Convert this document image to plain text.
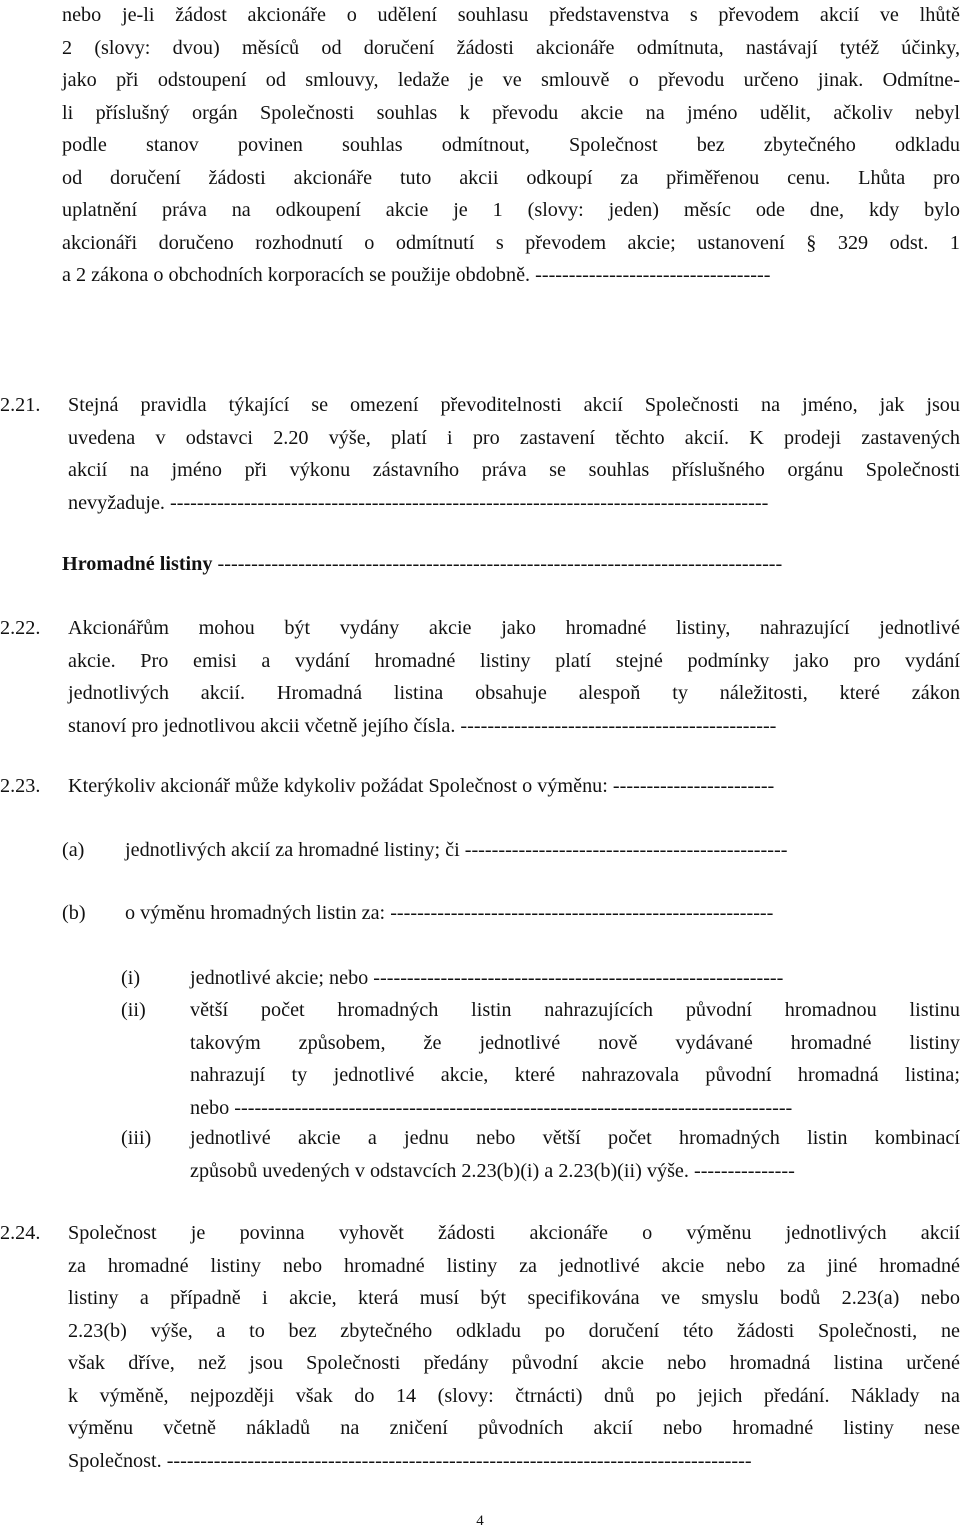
nebo je-li žádost akcionáře o udělení souhlasu představenstva s převodem akcií ve lhůtě
2 (slovy: dvou) měsíců od doručení žádosti akcionáře odmítnuta, nastávají tytéž účinky,
jako při odstoupení od smlouvy, ledaže je ve smlouvě o převodu určeno jinak. Odmítne-
li příslušný orgán Společnosti souhlas k převodu akcie na jméno udělit, ačkoliv nebyl
podle stanov povinen souhlas odmítnout, Společnost bez zbytečného odkladu
od doručení žádosti akcionáře tuto akcii odkoupí za přiměřenou cenu. Lhůta pro
uplatnění práva na odkoupení akcie je 1 (slovy: jeden) měsíc ode dne, kdy bylo
akcionáři doručeno rozhodnutí o odmítnutí s převodem akcie; ustanovení § 329 odst. 1
a 2 zákona o obchodních korporacích se použije obdobně. -----------------------------------
2.21. Stejná pravidla týkající se omezení převoditelnosti akcií Společnosti na jméno, jak jsou
uvedena v odstavci 2.20 výše, platí i pro zastavení těchto akcií. K prodeji zastavených
akcií na jméno při výkonu zástavního práva se souhlas příslušného orgánu Společnosti
nevyžaduje. -----------------------------------------------------------------------------------------
Hromadné listiny ------------------------------------------------------------------------------------
2.22. Akcionářům mohou být vydány akcie jako hromadné listiny, nahrazující jednotlivé
akcie. Pro emisi a vydání hromadné listiny platí stejné podmínky jako pro vydání
jednotlivých akcií. Hromadná listina obsahuje alespoň ty náležitosti, které zákon
stanoví pro jednotlivou akcii včetně jejího čísla. -----------------------------------------------
2.23. Kterýkoliv akcionář může kdykoliv požádat Společnost o výměnu: ------------------------
(a) jednotlivých akcií za hromadné listiny; či ------------------------------------------------
(b) o výměnu hromadných listin za: ---------------------------------------------------------
(i) jednotlivé akcie; nebo -------------------------------------------------------------
(ii) větší počet hromadných listin nahrazujících původní hromadnou listinu
takovým způsobem, že jednotlivé nově vydávané hromadné listiny
nahrazují ty jednotlivé akcie, které nahrazovala původní hromadná listina;
nebo -----------------------------------------------------------------------------------
(iii) jednotlivé akcie a jednu nebo větší počet hromadných listin kombinací
způsobů uvedených v odstavcích 2.23(b)(i) a 2.23(b)(ii) výše. ---------------
2.24. Společnost je povinna vyhovět žádosti akcionáře o výměnu jednotlivých akcií
za hromadné listiny nebo hromadné listiny za jednotlivé akcie nebo za jiné hromadné
listiny a případně i akcie, která musí být specifikována ve smyslu bodů 2.23(a) nebo
2.23(b) výše, a to bez zbytečného odkladu po doručení této žádosti Společnosti, ne
však dříve, než jsou Společnosti předány původní akcie nebo hromadná listina určené
k výměně, nejpozději však do 14 (slovy: čtrnácti) dnů po jejich předání. Náklady na
výměnu včetně nákladů na zničení původních akcií nebo hromadné listiny nese
Společnost. ---------------------------------------------------------------------------------------
4
